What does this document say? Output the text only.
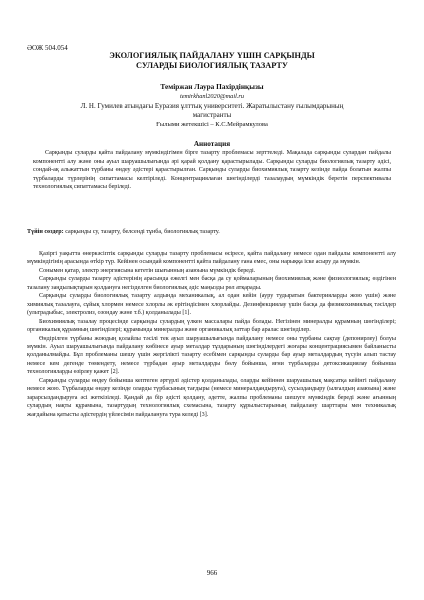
ӘОЖ 504.054
ЭКОЛОГИЯЛЫҚ ПАЙДАЛАНУ ҮШІН САРҚЫНДЫ
СУЛАРДЫ БИОЛОГИЯЛЫҚ ТАЗАРТУ
Теміржан Лаура Пахірдінқызы
temirkhanl2020@mail.ru
Л. Н. Гумилев атындағы Еуразия ұлттық университеті. Жаратылыстану ғылымдарының
магистранты
Ғылыми жетекшісі – К.С.Мейрамкулова
Аннотация

Сарқынды суларды қайта пайдалану мүмкіндігімен бірге тазарту проблемасы зерттеледі. Мақалада сарқынды сулардан пайдалы компоненттi алу және оны ауыл шаруашылығында әрі қарай қолдану қарастырылады. Сарқынды суларды биологиялық тазарту әдісі, сондай-ақ альжаттын түрбаны өндеу әдістері қарастырылған. Сарқынды суларды биохимиялық тазарту кезінде пайда болатын жалпы түрбаларды түрлерінің сипаттамасы келтіріледі. Концентрациялаған шөгінділерді тазалаудың мүмкіндік беретін перспективалы технологиялық сипаттамасы беріледі.

Түйін сөздер: сарқынды су, тазарту, белсенді тұнба, биологиялық тазарту.

Қазіргі уақытта өнеркәсіптік сарқынды суларды тазарту проблемасы өсіресе, қайта пайдалану немесе одан пайдалы компоненттi алу мүмкіндігінің арасында өтkір түр. Кейінен осындай компоненттi қайта пайдалану ғана емес, оны нарыққа іске асыру да мүмкін.

Сонымен қатар, электр энергиясына кететін шығынның азаюына мүмкіндік береді.

Сарқынды суларды тазарту әдістерінің арасында ежелгі мен басқа да су қоймаларының биохимиялық және физиологиялық; өздігінен тазалану заңдылықтарын қолдануға негізделген биологиялық әдіс маңызды рөл атқарады.

Сарқынды суларды биологиялық тазарту алдында механикалық, ал одан кейін (ауру тудыратын бактерияларды жою үшін) және химиялық тазалауға, сұйық хлормен немесе хлорлы әк ерітіндісімен хлорлайды. Дезинфекциялау үшін басқа да физикохимиялық тәсілдер (ультрадыбыс, электролиз, озондау және т.б.) қолданылады [1].

Биохимиялық тазалау процесінде сарқынды сулардың үлкен массалары пайда болады. Негізінен минералды құрамның шөгінділері; органикалық құрамның шөгінділері; құрамында минералды және органикалық заттар бар аралас шөгінділер.

Өндірілген түрбаны жоюдың қолайлы тәсілі тек ауыл шаруашылығында пайдалану немесе оны түрбаны сақтау (депонирлеу) болуы мүмкін. Ауыл шаруашылығында пайдалану көбінесе ауыр металдар тұздарының шөгінділердегі жоғары концентрациясымен байланысты қолданылмайды. Бұл проблеманы шешу үшін жергілікті тазарту есебімен сарқынды суларды бар ауыр металдардың түсуін алып тастау немесе кем дегенде төмендету, немесе түрбадан ауыр металдарды бөлу бойынша, яғни түрбаларды детоксикациялау бойынша технологияларды өзірлеу қажет [2].

Сарқынды суларды өндеу бойынша кептеген әртүрлі әдістер қолданылады, оларды кейіннен шаруашылық мақсатқа кейінгі пайдалану немесе жою. Түрбаларды өндеу кезінде оларды түрбасының тағдыры (немесе минералдандыруға), сусыздандыру (ылғалдың азаюына) және зарарсыздандыруға әсі жеткізіледі. Қандай да бір әдісті қолдану, әдетте, жалпы проблеманы шешуге мүмкіндік береді және ағынның сулардың нақты құрамына, тазартудың технологиялық схемасына, тазарту құрылыстарының пайдалану шарттары мен техникалық жағдайына қатысты әдістердің үйлесімін пайдалануға тура келеді [3].

966
